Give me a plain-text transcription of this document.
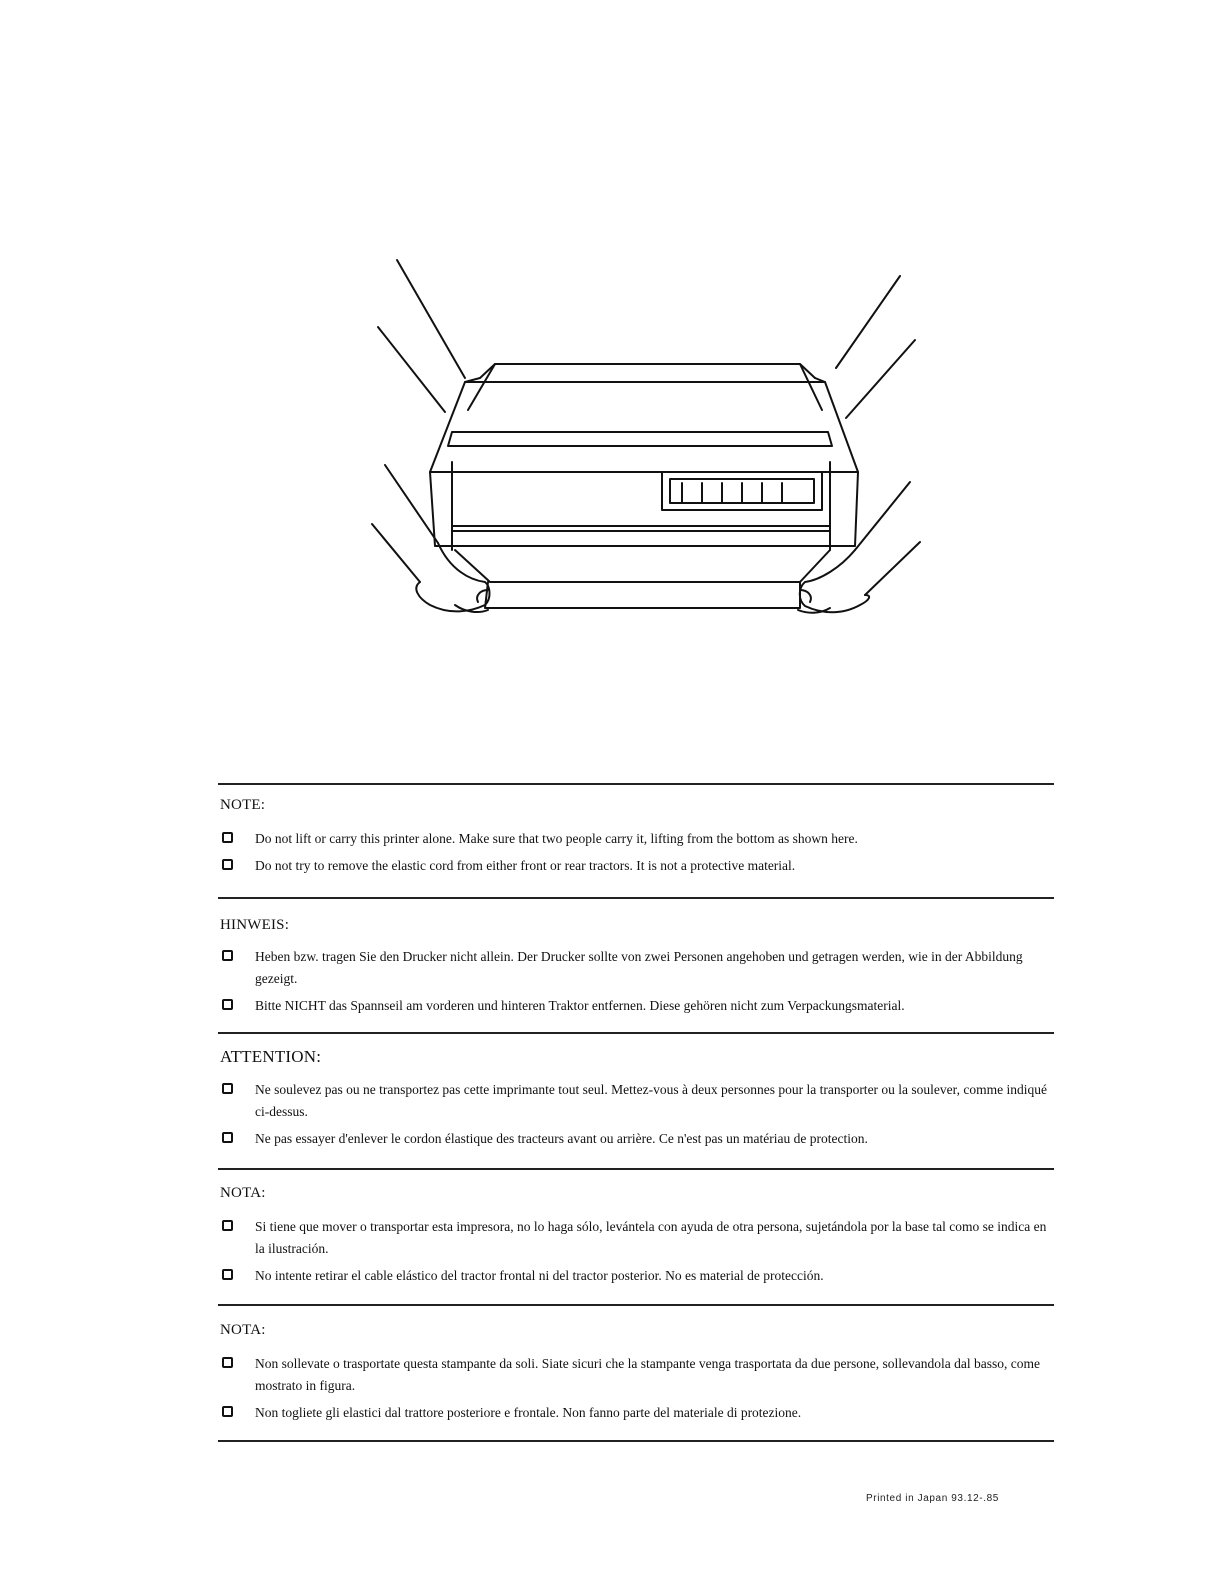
NOTE:

Do not lift or carry this printer alone. Make sure that two people carry it, lifting from the bottom as shown here.
Do not try to remove the elastic cord from either front or rear tractors. It is not a protective material.

HINWEIS:

Heben bzw. tragen Sie den Drucker nicht allein. Der Drucker sollte von zwei Personen angehoben und getragen werden, wie in der Abbildung gezeigt.
Bitte NICHT das Spannseil am vorderen und hinteren Traktor entfernen. Diese gehören nicht zum Verpackungsmaterial.

ATTENTION:

Ne soulevez pas ou ne transportez pas cette imprimante tout seul. Mettez-vous à deux personnes pour la transporter ou la soulever, comme indiqué ci-dessus.
Ne pas essayer d'enlever le cordon élastique des tracteurs avant ou arrière. Ce n'est pas un matériau de protection.

NOTA:

Si tiene que mover o transportar esta impresora, no lo haga sólo, levántela con ayuda de otra persona, sujetándola por la base tal como se indica en la ilustración.
No intente retirar el cable elástico del tractor frontal ni del tractor posterior. No es material de protección.

NOTA:

Non sollevate o trasportate questa stampante da soli. Siate sicuri che la stampante venga trasportata da due persone, sollevandola dal basso, come mostrato in figura.
Non togliete gli elastici dal trattore posteriore e frontale. Non fanno parte del materiale di protezione.
Printed in Japan 93.12-.85
